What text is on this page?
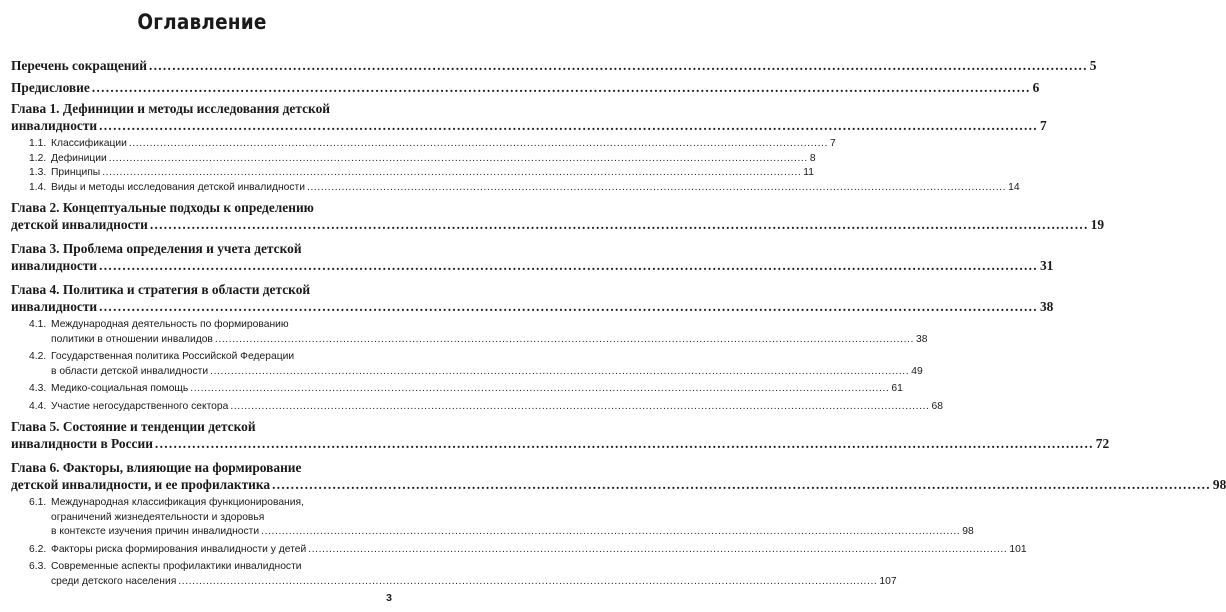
Оглавление
Перечень сокращений .....	5
Предисловие .....	6
Глава 1. Дефиниции и методы исследования детской
инвалидности .....	7
1.1. Классификации .....	7
1.2. Дефиниции .....	8
1.3. Принципы .....	11
1.4. Виды и методы исследования детской инвалидности .....	14
Глава 2. Концептуальные подходы к определению
детской инвалидности .....	19
Глава 3. Проблема определения и учета детской
инвалидности .....	31
Глава 4. Политика и стратегия в области детской
инвалидности .....	38
4.1. Международная деятельность по формированию
политики в отношении инвалидов .....	38
4.2. Государственная политика Российской Федерации
в области детской инвалидности .....	49
4.3. Медико-социальная помощь .....	61
4.4. Участие негосударственного сектора .....	68
Глава 5. Состояние и тенденции детской
инвалидности в России .....	72
Глава 6. Факторы, влияющие на формирование
детской инвалидности, и ее профилактика .....	98
6.1. Международная классификация функционирования,
ограничений жизнедеятельности и здоровья
в контексте изучения причин инвалидности .....	98
6.2. Факторы риска формирования инвалидности у детей .....	101
6.3. Современные аспекты профилактики инвалидности
среди детского населения .....	107
3
